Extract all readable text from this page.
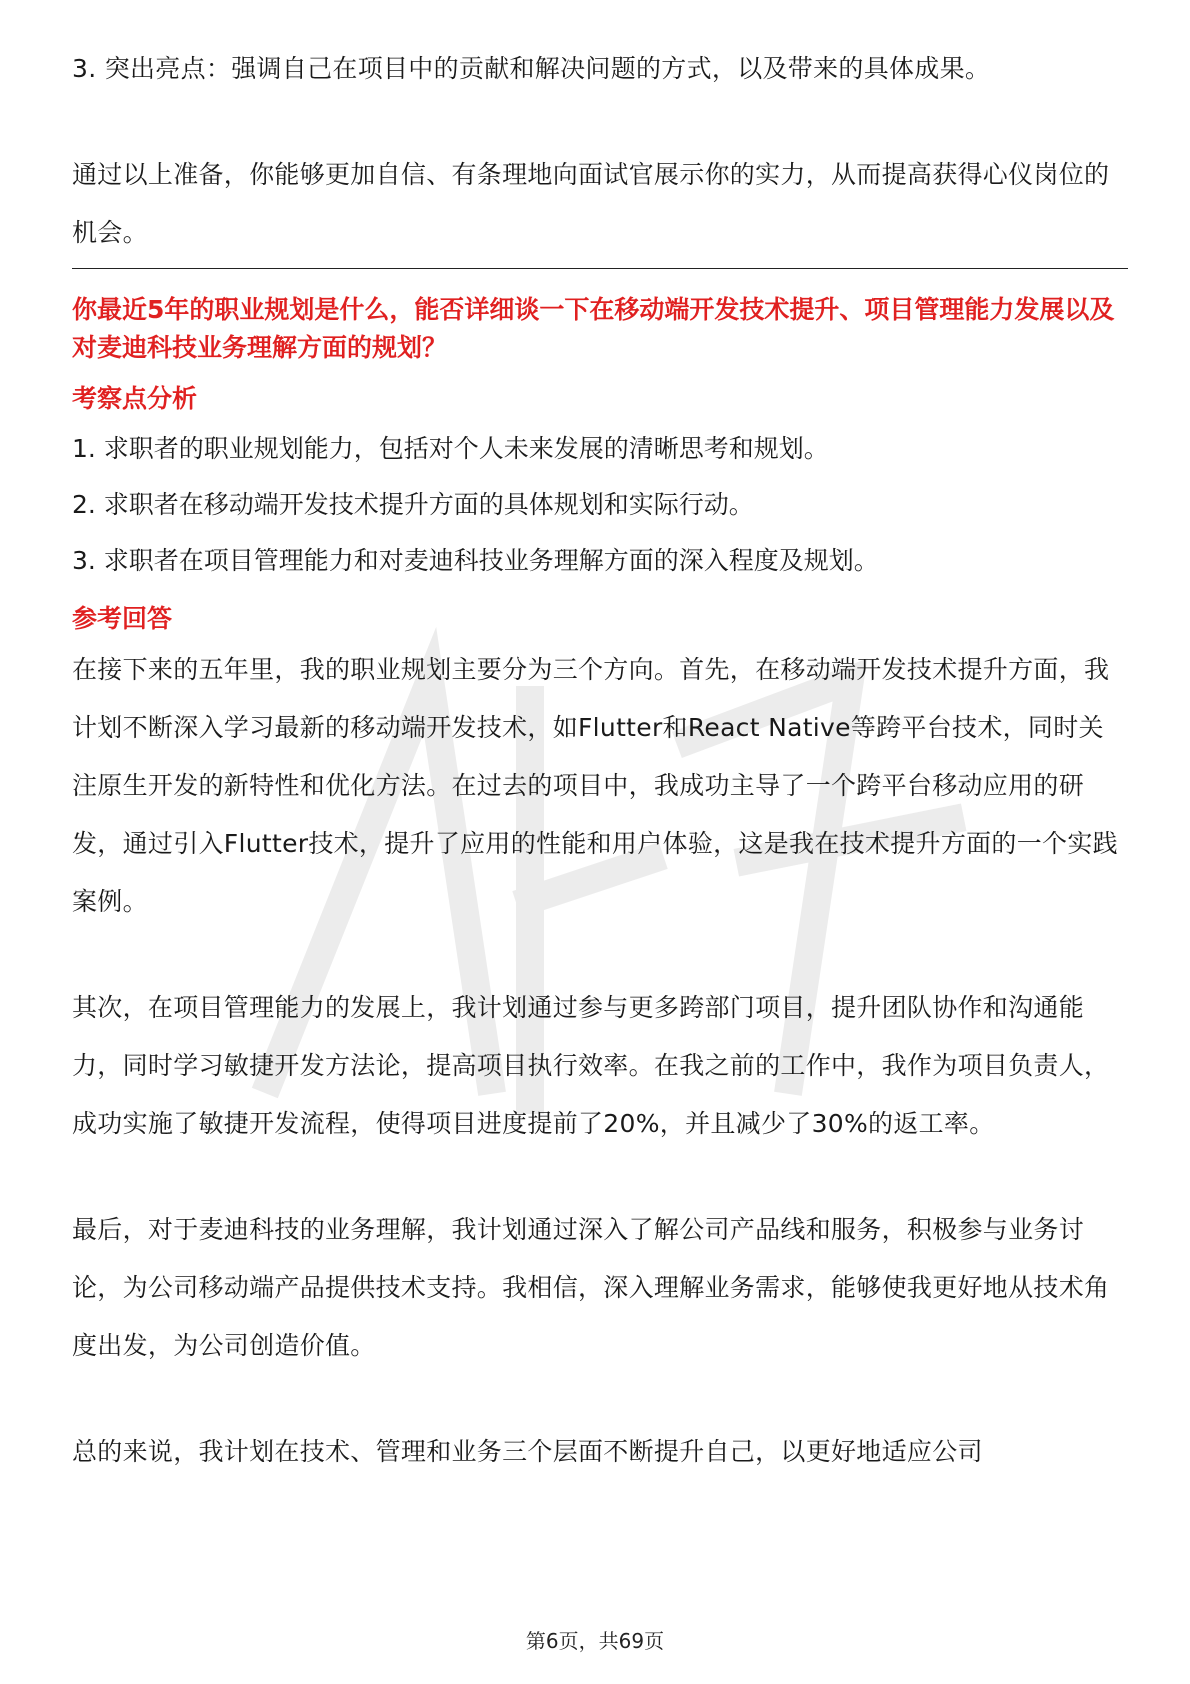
3. 突出亮点：强调自己在项目中的贡献和解决问题的方式，以及带来的具体成果。

通过以上准备，你能够更加自信、有条理地向面试官展示你的实力，从而提高获得心仪岗位的机会。

你最近5年的职业规划是什么，能否详细谈一下在移动端开发技术提升、项目管理能力发展以及对麦迪科技业务理解方面的规划？

考察点分析
1. 求职者的职业规划能力，包括对个人未来发展的清晰思考和规划。
2. 求职者在移动端开发技术提升方面的具体规划和实际行动。
3. 求职者在项目管理能力和对麦迪科技业务理解方面的深入程度及规划。
参考回答

在接下来的五年里，我的职业规划主要分为三个方向。首先，在移动端开发技术提升方面，我计划不断深入学习最新的移动端开发技术，如Flutter和React Native等跨平台技术，同时关注原生开发的新特性和优化方法。在过去的项目中，我成功主导了一个跨平台移动应用的研发，通过引入Flutter技术，提升了应用的性能和用户体验，这是我在技术提升方面的一个实践案例。

其次，在项目管理能力的发展上，我计划通过参与更多跨部门项目，提升团队协作和沟通能力，同时学习敏捷开发方法论，提高项目执行效率。在我之前的工作中，我作为项目负责人，成功实施了敏捷开发流程，使得项目进度提前了20%，并且减少了30%的返工率。

最后，对于麦迪科技的业务理解，我计划通过深入了解公司产品线和服务，积极参与业务讨论，为公司移动端产品提供技术支持。我相信，深入理解业务需求，能够使我更好地从技术角度出发，为公司创造价值。

总的来说，我计划在技术、管理和业务三个层面不断提升自己，以更好地适应公司

第6页，共69页
